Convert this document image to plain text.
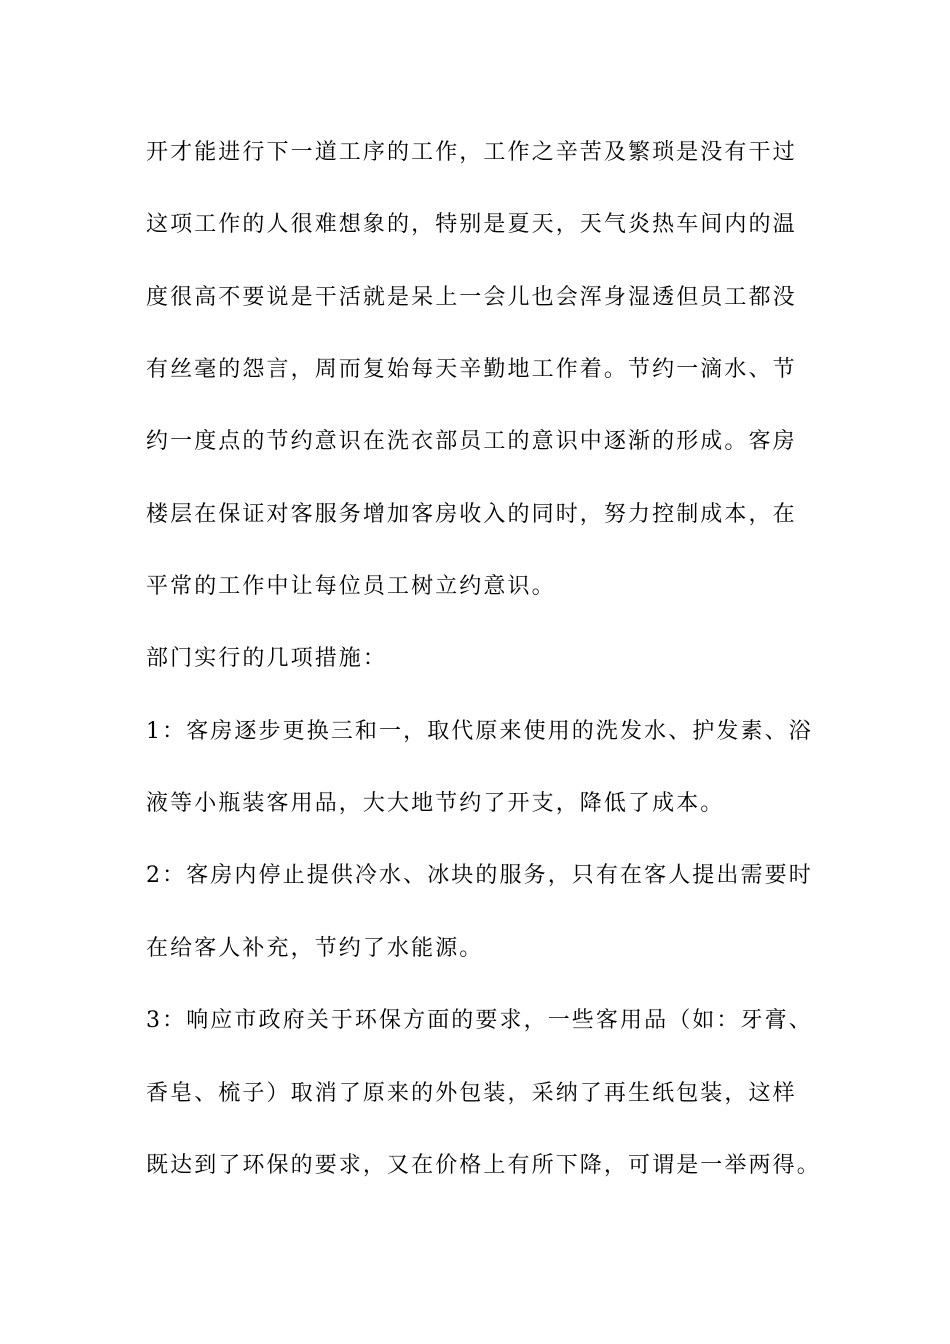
开才能进行下一道工序的工作，工作之辛苦及繁琐是没有干过
这项工作的人很难想象的，特别是夏天，天气炎热车间内的温
度很高不要说是干活就是呆上一会儿也会浑身湿透但员工都没
有丝毫的怨言，周而复始每天辛勤地工作着。节约一滴水、节
约一度点的节约意识在洗衣部员工的意识中逐渐的形成。客房
楼层在保证对客服务增加客房收入的同时，努力控制成本，在
平常的工作中让每位员工树立约意识。
部门实行的几项措施：
1：客房逐步更换三和一，取代原来使用的洗发水、护发素、浴
液等小瓶装客用品，大大地节约了开支，降低了成本。
2：客房内停止提供冷水、冰块的服务，只有在客人提出需要时
在给客人补充，节约了水能源。
3：响应市政府关于环保方面的要求，一些客用品（如：牙膏、
香皂、梳子）取消了原来的外包装，采纳了再生纸包装，这样
既达到了环保的要求，又在价格上有所下降，可谓是一举两得。
